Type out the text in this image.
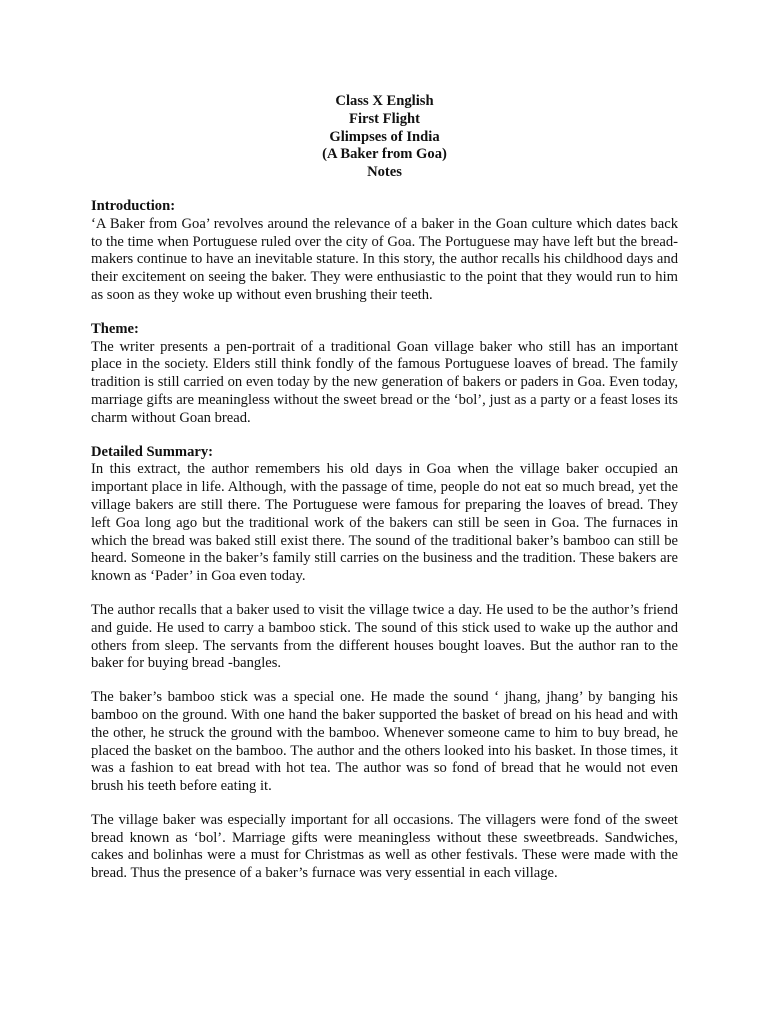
Class X English
First Flight
Glimpses of India
(A Baker from Goa)
Notes
Introduction:

‘A Baker from Goa’ revolves around the relevance of a baker in the Goan culture which dates back to the time when Portuguese ruled over the city of Goa. The Portuguese may have left but the bread-makers continue to have an inevitable stature. In this story, the author recalls his childhood days and their excitement on seeing the baker. They were enthusiastic to the point that they would run to him as soon as they woke up without even brushing their teeth.

Theme:

The writer presents a pen-portrait of a traditional Goan village baker who still has an important place in the society. Elders still think fondly of the famous Portuguese loaves of bread. The family tradition is still carried on even today by the new generation of bakers or paders in Goa. Even today, marriage gifts are meaningless without the sweet bread or the ‘bol’, just as a party or a feast loses its charm without Goan bread.

Detailed Summary:

In this extract, the author remembers his old days in Goa when the village baker occupied an important place in life. Although, with the passage of time, people do not eat so much bread, yet the village bakers are still there. The Portuguese were famous for preparing the loaves of bread. They left Goa long ago but the traditional work of the bakers can still be seen in Goa. The furnaces in which the bread was baked still exist there. The sound of the traditional baker’s bamboo can still be heard. Someone in the baker’s family still carries on the business and the tradition. These bakers are known as ‘Pader’ in Goa even today.

The author recalls that a baker used to visit the village twice a day. He used to be the author’s friend and guide. He used to carry a bamboo stick. The sound of this stick used to wake up the author and others from sleep. The servants from the different houses bought loaves. But the author ran to the baker for buying bread -bangles.

The baker’s bamboo stick was a special one. He made the sound ‘ jhang, jhang’ by banging his bamboo on the ground. With one hand the baker supported the basket of bread on his head and with the other, he struck the ground with the bamboo. Whenever someone came to him to buy bread, he placed the basket on the bamboo. The author and the others looked into his basket. In those times, it was a fashion to eat bread with hot tea. The author was so fond of bread that he would not even brush his teeth before eating it.

The village baker was especially important for all occasions. The villagers were fond of the sweet bread known as ‘bol’. Marriage gifts were meaningless without these sweetbreads. Sandwiches, cakes and bolinhas were a must for Christmas as well as other festivals. These were made with the bread. Thus the presence of a baker’s furnace was very essential in each village.
